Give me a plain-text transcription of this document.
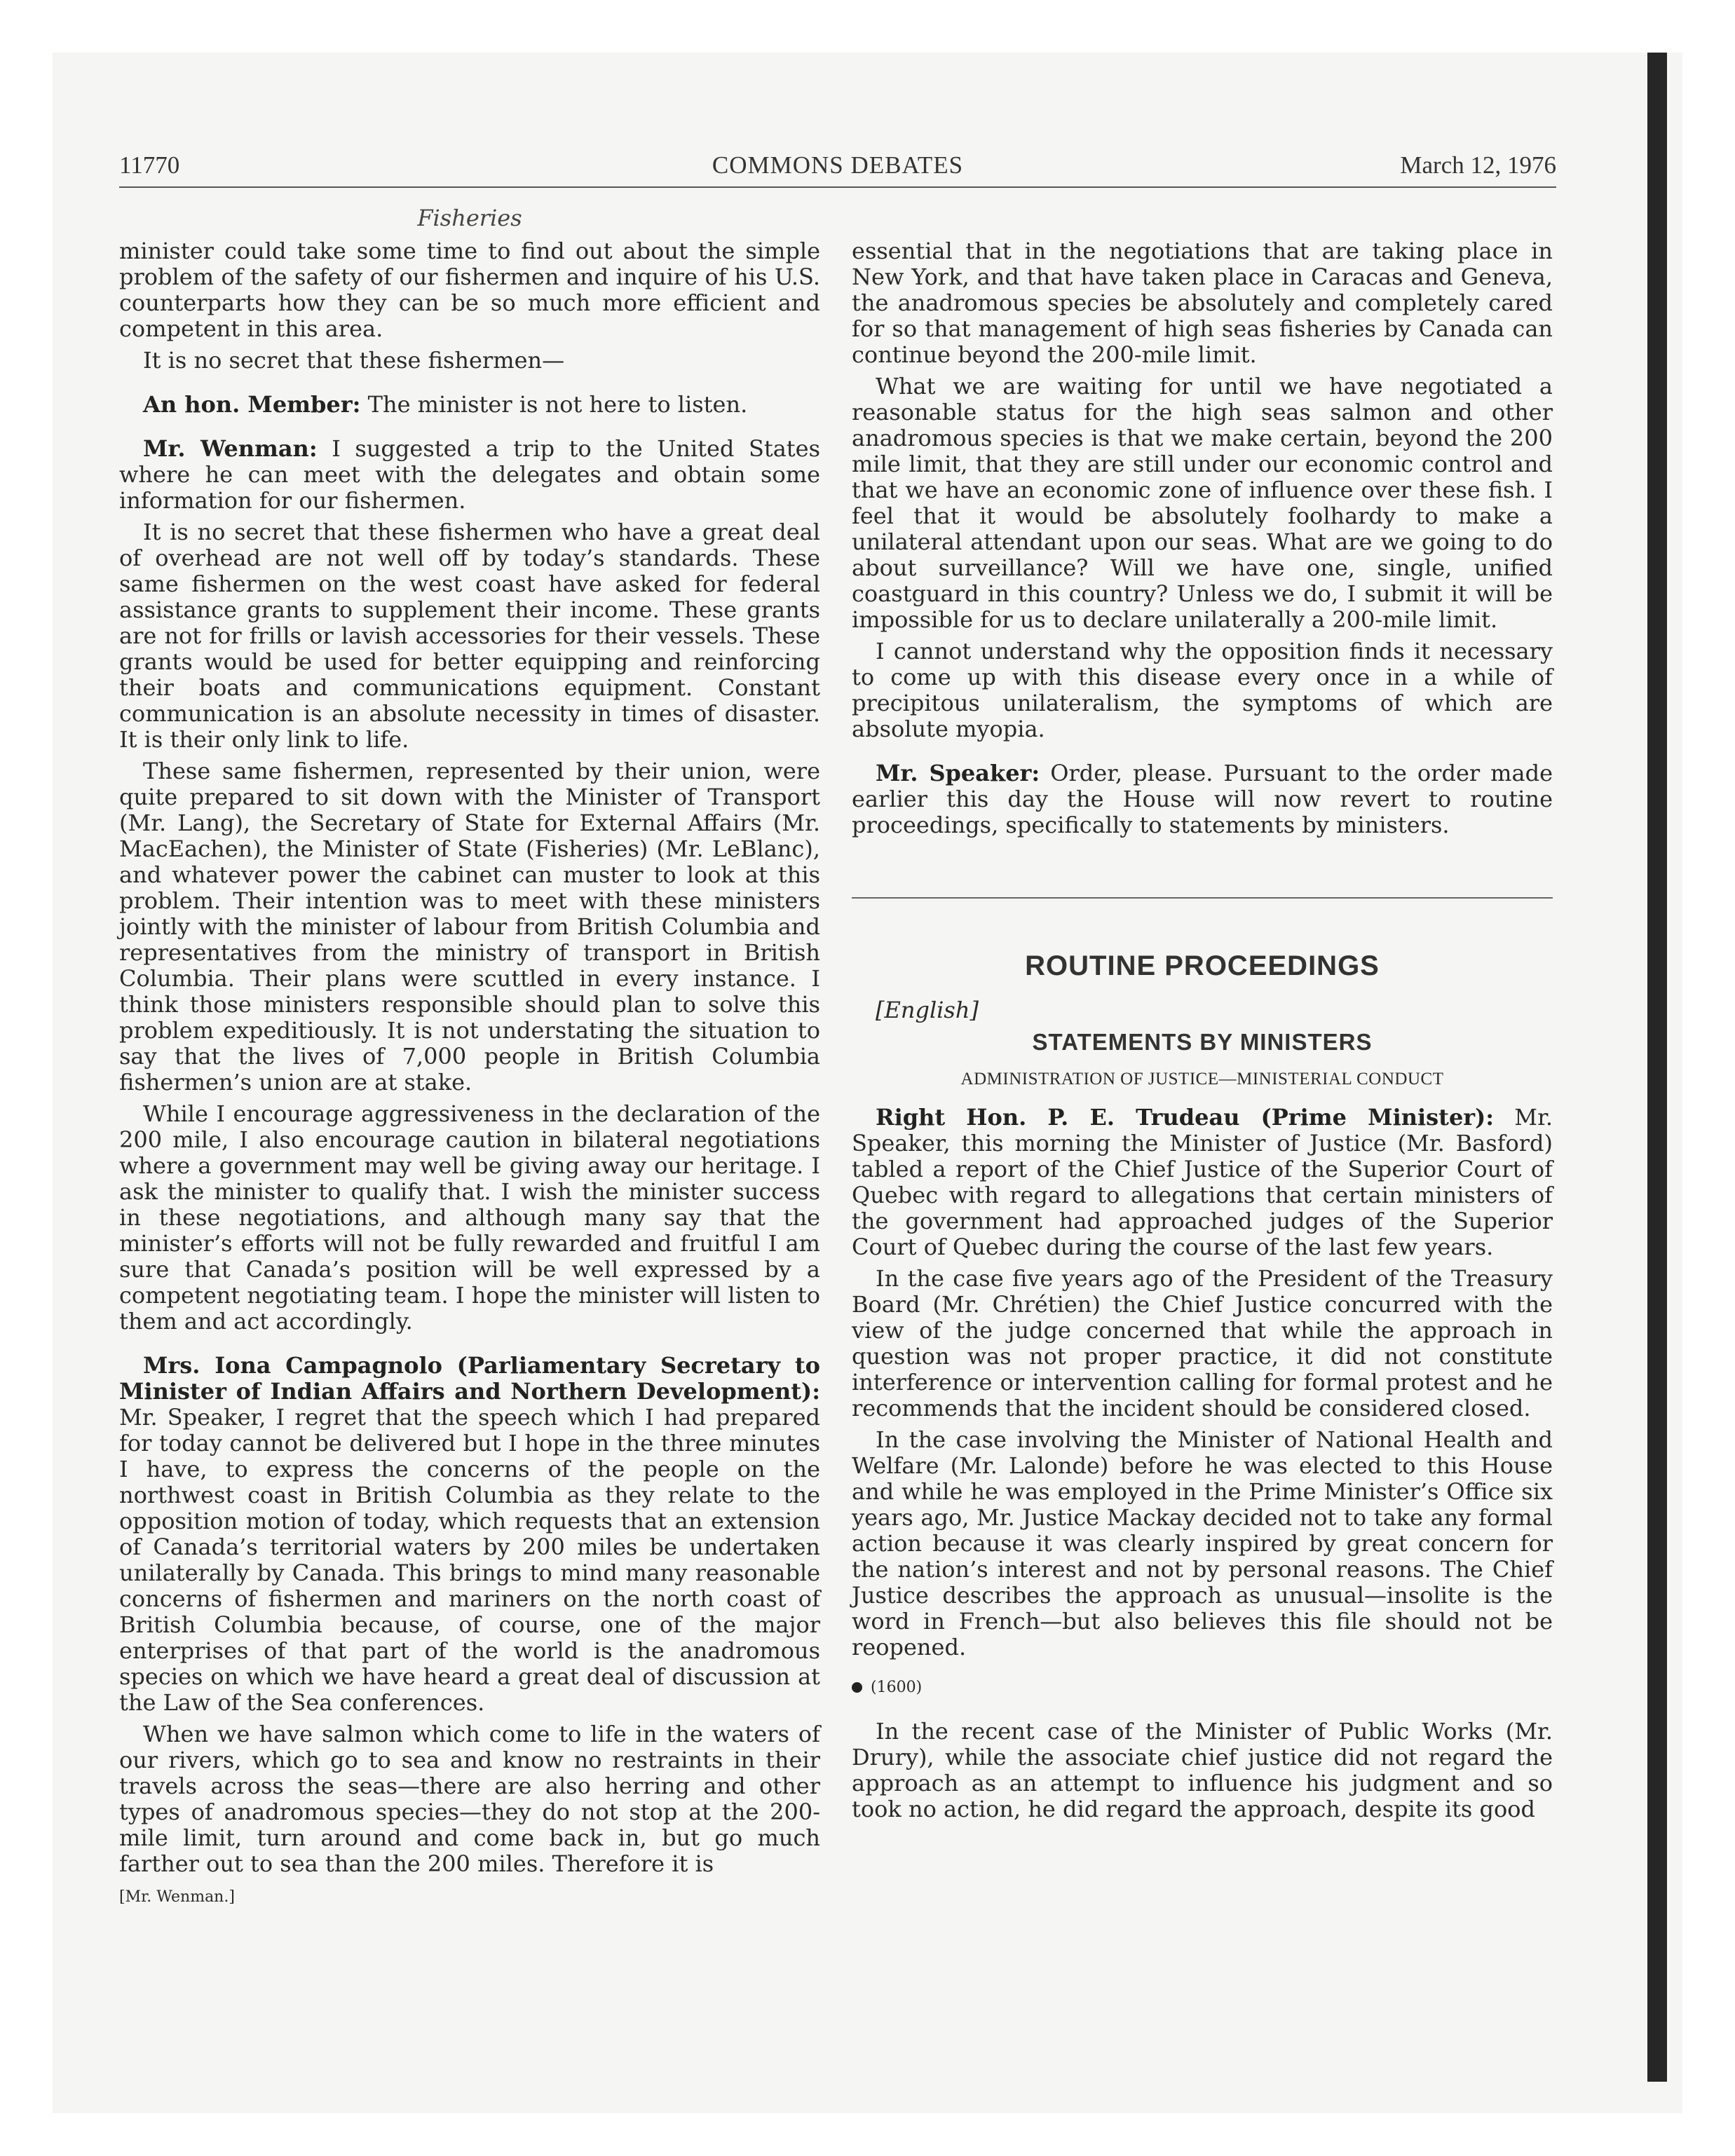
11770	COMMONS DEBATES	March 12, 1976
Fisheries

minister could take some time to find out about the simple problem of the safety of our fishermen and inquire of his U.S. counterparts how they can be so much more efficient and competent in this area.

It is no secret that these fishermen—

An hon. Member: The minister is not here to listen.

Mr. Wenman: I suggested a trip to the United States where he can meet with the delegates and obtain some information for our fishermen.

It is no secret that these fishermen who have a great deal of overhead are not well off by today’s standards. These same fishermen on the west coast have asked for federal assistance grants to supplement their income. These grants are not for frills or lavish accessories for their vessels. These grants would be used for better equipping and reinforcing their boats and communications equipment. Constant communication is an absolute necessity in times of disaster. It is their only link to life.

These same fishermen, represented by their union, were quite prepared to sit down with the Minister of Transport (Mr. Lang), the Secretary of State for External Affairs (Mr. MacEachen), the Minister of State (Fisheries) (Mr. LeBlanc), and whatever power the cabinet can muster to look at this problem. Their intention was to meet with these ministers jointly with the minister of labour from British Columbia and representatives from the ministry of transport in British Columbia. Their plans were scuttled in every instance. I think those ministers responsible should plan to solve this problem expeditiously. It is not understating the situation to say that the lives of 7,000 people in British Columbia fishermen’s union are at stake.

While I encourage aggressiveness in the declaration of the 200 mile, I also encourage caution in bilateral negotiations where a government may well be giving away our heritage. I ask the minister to qualify that. I wish the minister success in these negotiations, and although many say that the minister’s efforts will not be fully rewarded and fruitful I am sure that Canada’s position will be well expressed by a competent negotiating team. I hope the minister will listen to them and act accordingly.

Mrs. Iona Campagnolo (Parliamentary Secretary to Minister of Indian Affairs and Northern Development): Mr. Speaker, I regret that the speech which I had prepared for today cannot be delivered but I hope in the three minutes I have, to express the concerns of the people on the northwest coast in British Columbia as they relate to the opposition motion of today, which requests that an extension of Canada’s territorial waters by 200 miles be undertaken unilaterally by Canada. This brings to mind many reasonable concerns of fishermen and mariners on the north coast of British Columbia because, of course, one of the major enterprises of that part of the world is the anadromous species on which we have heard a great deal of discussion at the Law of the Sea conferences.

When we have salmon which come to life in the waters of our rivers, which go to sea and know no restraints in their travels across the seas—there are also herring and other types of anadromous species—they do not stop at the 200-mile limit, turn around and come back in, but go much farther out to sea than the 200 miles. Therefore it is

[Mr. Wenman.]

essential that in the negotiations that are taking place in New York, and that have taken place in Caracas and Geneva, the anadromous species be absolutely and completely cared for so that management of high seas fisheries by Canada can continue beyond the 200-mile limit.

What we are waiting for until we have negotiated a reasonable status for the high seas salmon and other anadromous species is that we make certain, beyond the 200 mile limit, that they are still under our economic control and that we have an economic zone of influence over these fish. I feel that it would be absolutely foolhardy to make a unilateral attendant upon our seas. What are we going to do about surveillance? Will we have one, single, unified coastguard in this country? Unless we do, I submit it will be impossible for us to declare unilaterally a 200-mile limit.

I cannot understand why the opposition finds it necessary to come up with this disease every once in a while of precipitous unilateralism, the symptoms of which are absolute myopia.

Mr. Speaker: Order, please. Pursuant to the order made earlier this day the House will now revert to routine proceedings, specifically to statements by ministers.

ROUTINE PROCEEDINGS

[English]

STATEMENTS BY MINISTERS
ADMINISTRATION OF JUSTICE—MINISTERIAL CONDUCT

Right Hon. P. E. Trudeau (Prime Minister): Mr. Speaker, this morning the Minister of Justice (Mr. Basford) tabled a report of the Chief Justice of the Superior Court of Quebec with regard to allegations that certain ministers of the government had approached judges of the Superior Court of Quebec during the course of the last few years.

In the case five years ago of the President of the Treasury Board (Mr. Chrétien) the Chief Justice concurred with the view of the judge concerned that while the approach in question was not proper practice, it did not constitute interference or intervention calling for formal protest and he recommends that the incident should be considered closed.

In the case involving the Minister of National Health and Welfare (Mr. Lalonde) before he was elected to this House and while he was employed in the Prime Minister’s Office six years ago, Mr. Justice Mackay decided not to take any formal action because it was clearly inspired by great concern for the nation’s interest and not by personal reasons. The Chief Justice describes the approach as unusual—insolite is the word in French—but also believes this file should not be reopened.

(1600)

In the recent case of the Minister of Public Works (Mr. Drury), while the associate chief justice did not regard the approach as an attempt to influence his judgment and so took no action, he did regard the approach, despite its good
